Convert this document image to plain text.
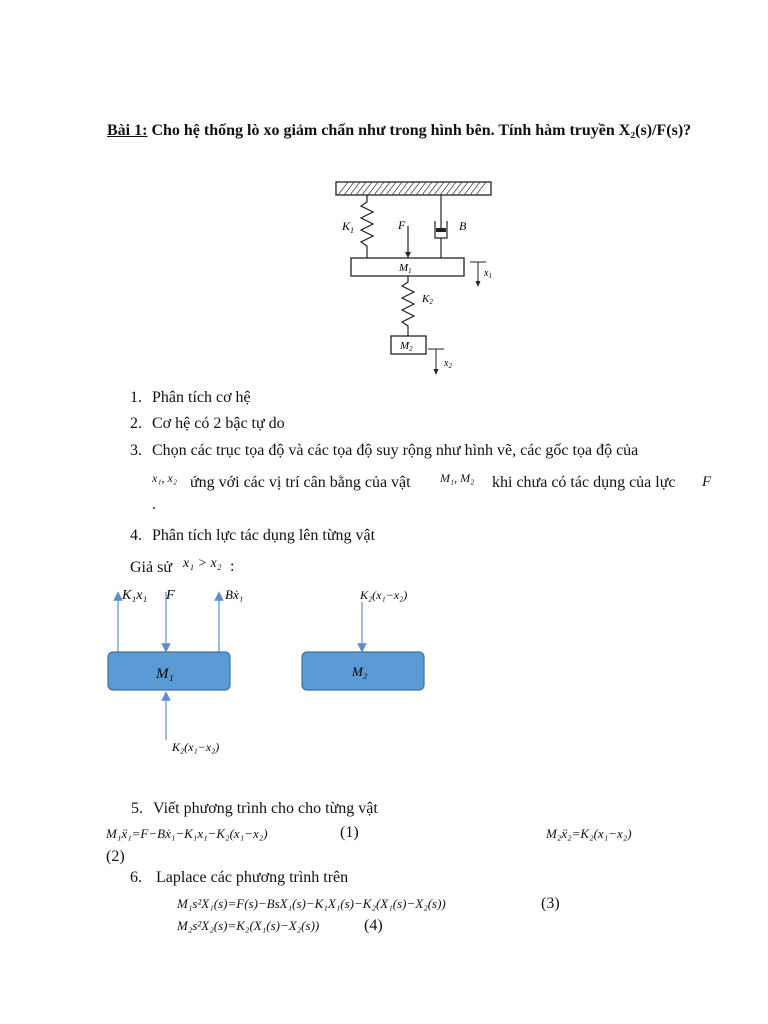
Bài 1: Cho hệ thống lò xo giảm chấn như trong hình bên. Tính hàm truyền X₂(s)/F(s)?
$K_1$	F	B
M1	$x_1$
K2
M2
$x_2$
1. Phân tích cơ hệ
2. Cơ hệ có 2 bậc tự do
3. Chọn các trục tọa độ và các tọa độ suy rộng như hình vẽ, các gốc tọa độ của
x₁, x₂ ứng với các vị trí cân bằng của vật M₁, M₂ khi chưa có tác dụng của lực F
.
4. Phân tích lực tác dụng lên từng vật
Giả sử x₁ > x₂ :
M₁	M₂
K₁x₁ F	Bẋ₁
K₂(x₁−x₂)
K₂(x₁−x₂)
5. Viết phương trình cho cho từng vật
M₁ẍ₁=F−Bẋ₁−K₁x₁−K₂(x₁−x₂)	(1)	M₂ẍ₂=K₂(x₁−x₂)
(2)
6. Laplace các phương trình trên
M₁s²X₁(s)=F(s)−BsX₁(s)−K₁X₁(s)−K₂(X₁(s)−X₂(s))	(3)
M₂s²X₂(s)=K₂(X₁(s)−X₂(s))	(4)
